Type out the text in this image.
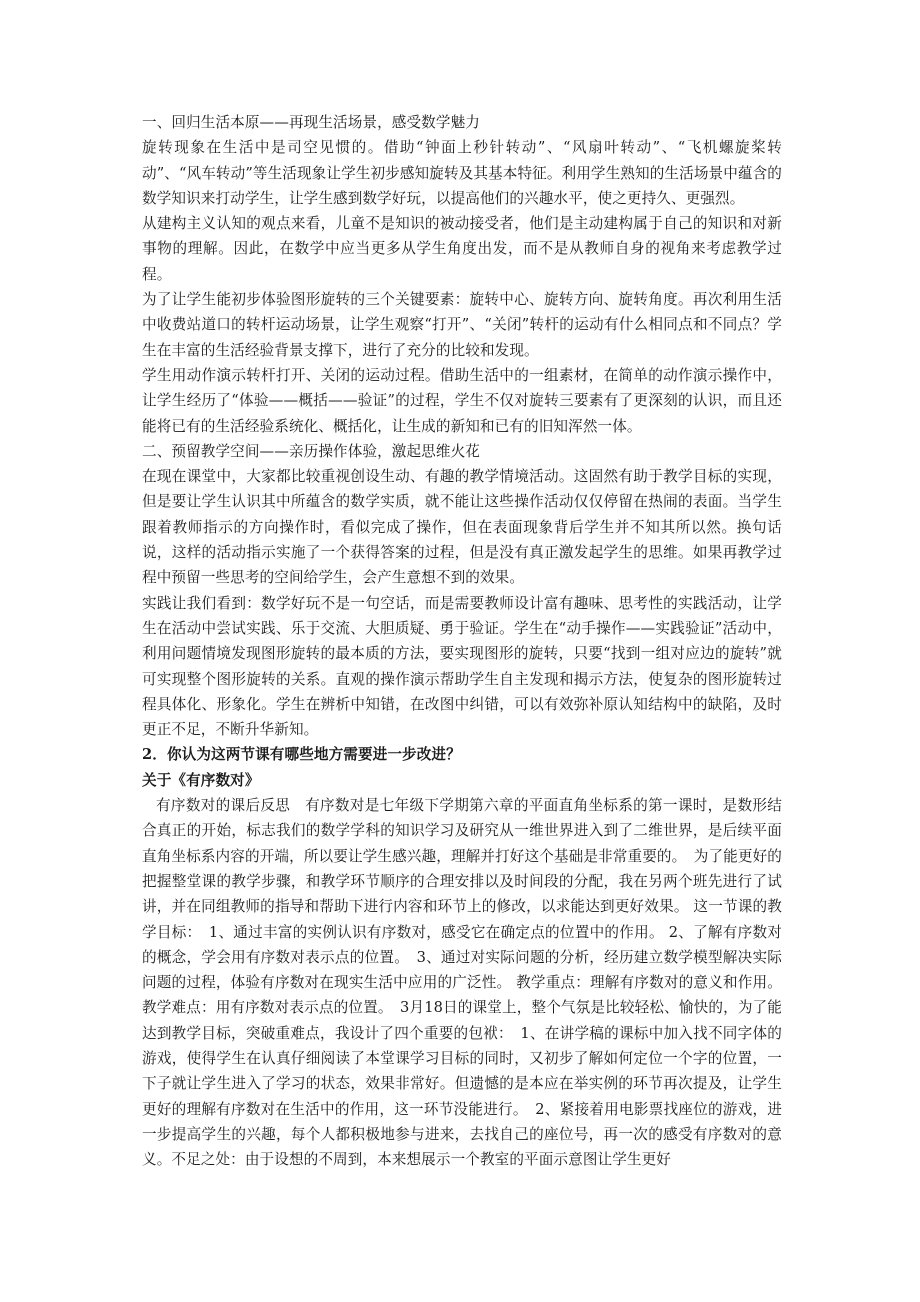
一、回归生活本原——再现生活场景，感受数学魅力

旋转现象在生活中是司空见惯的。借助“钟面上秒针转动”、“风扇叶转动”、“飞机螺旋桨转动”、“风车转动”等生活现象让学生初步感知旋转及其基本特征。利用学生熟知的生活场景中蕴含的数学知识来打动学生，让学生感到数学好玩，以提高他们的兴趣水平，使之更持久、更强烈。

从建构主义认知的观点来看，儿童不是知识的被动接受者，他们是主动建构属于自己的知识和对新事物的理解。因此，在数学中应当更多从学生角度出发，而不是从教师自身的视角来考虑教学过程。

为了让学生能初步体验图形旋转的三个关键要素：旋转中心、旋转方向、旋转角度。再次利用生活中收费站道口的转杆运动场景，让学生观察“打开”、“关闭”转杆的运动有什么相同点和不同点？学生在丰富的生活经验背景支撑下，进行了充分的比较和发现。

学生用动作演示转杆打开、关闭的运动过程。借助生活中的一组素材，在简单的动作演示操作中，让学生经历了“体验——概括——验证”的过程，学生不仅对旋转三要素有了更深刻的认识，而且还能将已有的生活经验系统化、概括化，让生成的新知和已有的旧知浑然一体。

二、预留教学空间——亲历操作体验，激起思维火花

在现在课堂中，大家都比较重视创设生动、有趣的教学情境活动。这固然有助于教学目标的实现，但是要让学生认识其中所蕴含的数学实质，就不能让这些操作活动仅仅停留在热闹的表面。当学生跟着教师指示的方向操作时，看似完成了操作，但在表面现象背后学生并不知其所以然。换句话说，这样的活动指示实施了一个获得答案的过程，但是没有真正激发起学生的思维。如果再教学过程中预留一些思考的空间给学生，会产生意想不到的效果。

实践让我们看到：数学好玩不是一句空话，而是需要教师设计富有趣味、思考性的实践活动，让学生在活动中尝试实践、乐于交流、大胆质疑、勇于验证。学生在“动手操作——实践验证”活动中，利用问题情境发现图形旋转的最本质的方法，要实现图形的旋转，只要“找到一组对应边的旋转”就可实现整个图形旋转的关系。直观的操作演示帮助学生自主发现和揭示方法，使复杂的图形旋转过程具体化、形象化。学生在辨析中知错，在改图中纠错，可以有效弥补原认知结构中的缺陷，及时更正不足，不断升华新知。

2．你认为这两节课有哪些地方需要进一步改进？

关于《有序数对》

有序数对的课后反思　有序数对是七年级下学期第六章的平面直角坐标系的第一课时，是数形结合真正的开始，标志我们的数学学科的知识学习及研究从一维世界进入到了二维世界，是后续平面直角坐标系内容的开端，所以要让学生感兴趣，理解并打好这个基础是非常重要的。　为了能更好的把握整堂课的教学步骤，和教学环节顺序的合理安排以及时间段的分配，我在另两个班先进行了试讲，并在同组教师的指导和帮助下进行内容和环节上的修改，以求能达到更好效果。 这一节课的教学目标：　1、通过丰富的实例认识有序数对，感受它在确定点的位置中的作用。 2、了解有序数对的概念，学会用有序数对表示点的位置。　3、通过对实际问题的分析，经历建立数学模型解决实际问题的过程，体验有序数对在现实生活中应用的广泛性。 教学重点：理解有序数对的意义和作用。 教学难点：用有序数对表示点的位置。　3月18日的课堂上，整个气氛是比较轻松、愉快的，为了能达到教学目标，突破重难点，我设计了四个重要的包袱：　1、在讲学稿的课标中加入找不同字体的游戏，使得学生在认真仔细阅读了本堂课学习目标的同时，又初步了解如何定位一个字的位置，一下子就让学生进入了学习的状态，效果非常好。但遗憾的是本应在举实例的环节再次提及，让学生更好的理解有序数对在生活中的作用，这一环节没能进行。　2、紧接着用电影票找座位的游戏，进一步提高学生的兴趣，每个人都积极地参与进来，去找自己的座位号，再一次的感受有序数对的意义。不足之处：由于设想的不周到，本来想展示一个教室的平面示意图让学生更好
